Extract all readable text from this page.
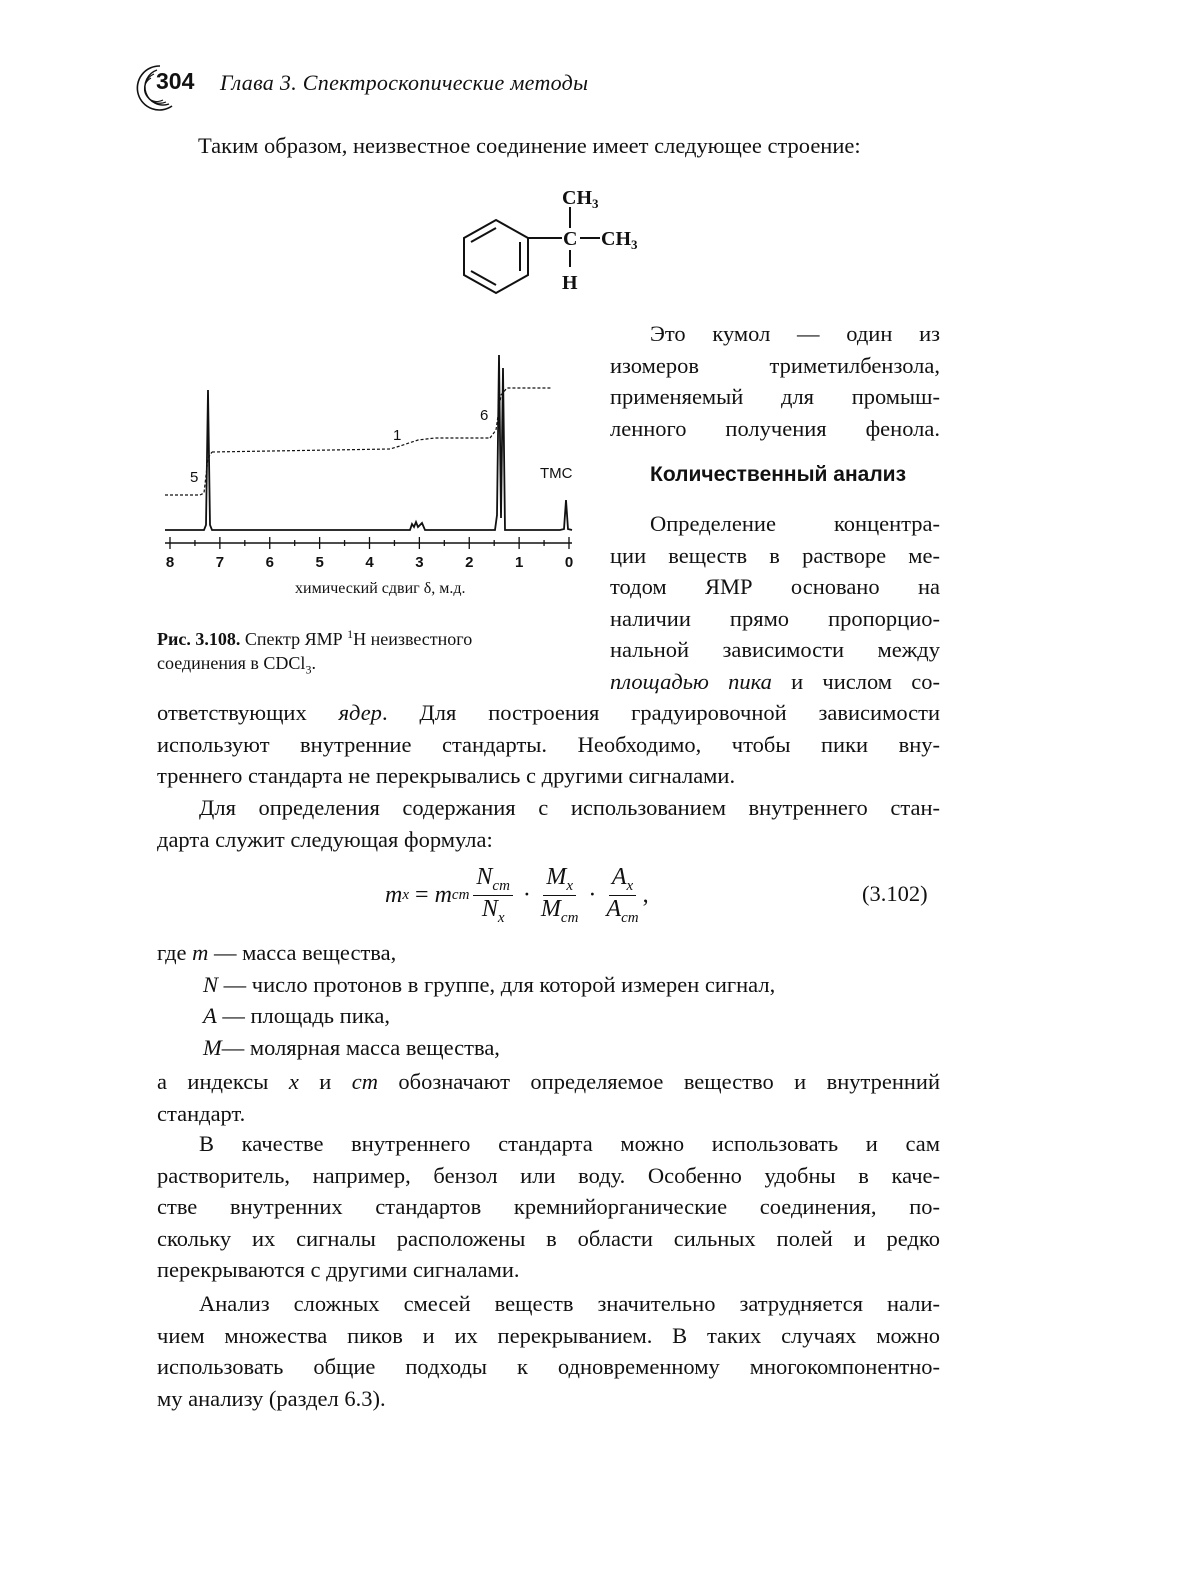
304 Глава 3. Спектроскопические методы
Таким образом, неизвестное соединение имеет следующее строение:
$CH_3$
C $CH_3$
H
8	7	6	5	4	3	2	1	0
5
1
6
ТМС
химический сдвиг δ, м.д.
Рис. 3.108. Спектр ЯМР $^1$Н неизвестного
соединения в CDCl$_3$.
Это кумол — один из
изомеров триметилбензола,
применяемый для промыш-
ленного получения фенола.
Количественный анализ
Определение концентра-
ции веществ в растворе ме-
тодом ЯМР основано на
наличии прямо пропорцио-
нальной зависимости между
площадью пика и числом со-
ответствующих ядер. Для построения градуировочной зависимости
используют внутренние стандарты. Необходимо, чтобы пики вну-
треннего стандарта не перекрывались с другими сигналами.
Для определения содержания с использованием внутреннего стан-
дарта служит следующая формула:
m x = m cm
$N_{cm}$
$N_x$
·
$M_x$
$M_{cm}$
·
$A_x$
$A_{cm}$
,	(3.102)
где m — масса вещества,
N — число протонов в группе, для которой измерен сигнал,
A — площадь пика,
M— молярная масса вещества,
а индексы x и cm обозначают определяемое вещество и внутренний
стандарт.
В качестве внутреннего стандарта можно использовать и сам
растворитель, например, бензол или воду. Особенно удобны в каче-
стве внутренних стандартов кремнийорганические соединения, по-
скольку их сигналы расположены в области сильных полей и редко
перекрываются с другими сигналами.
Анализ сложных смесей веществ значительно затрудняется нали-
чием множества пиков и их перекрыванием. В таких случаях можно
использовать общие подходы к одновременному многокомпонентно-
му анализу (раздел 6.3).
